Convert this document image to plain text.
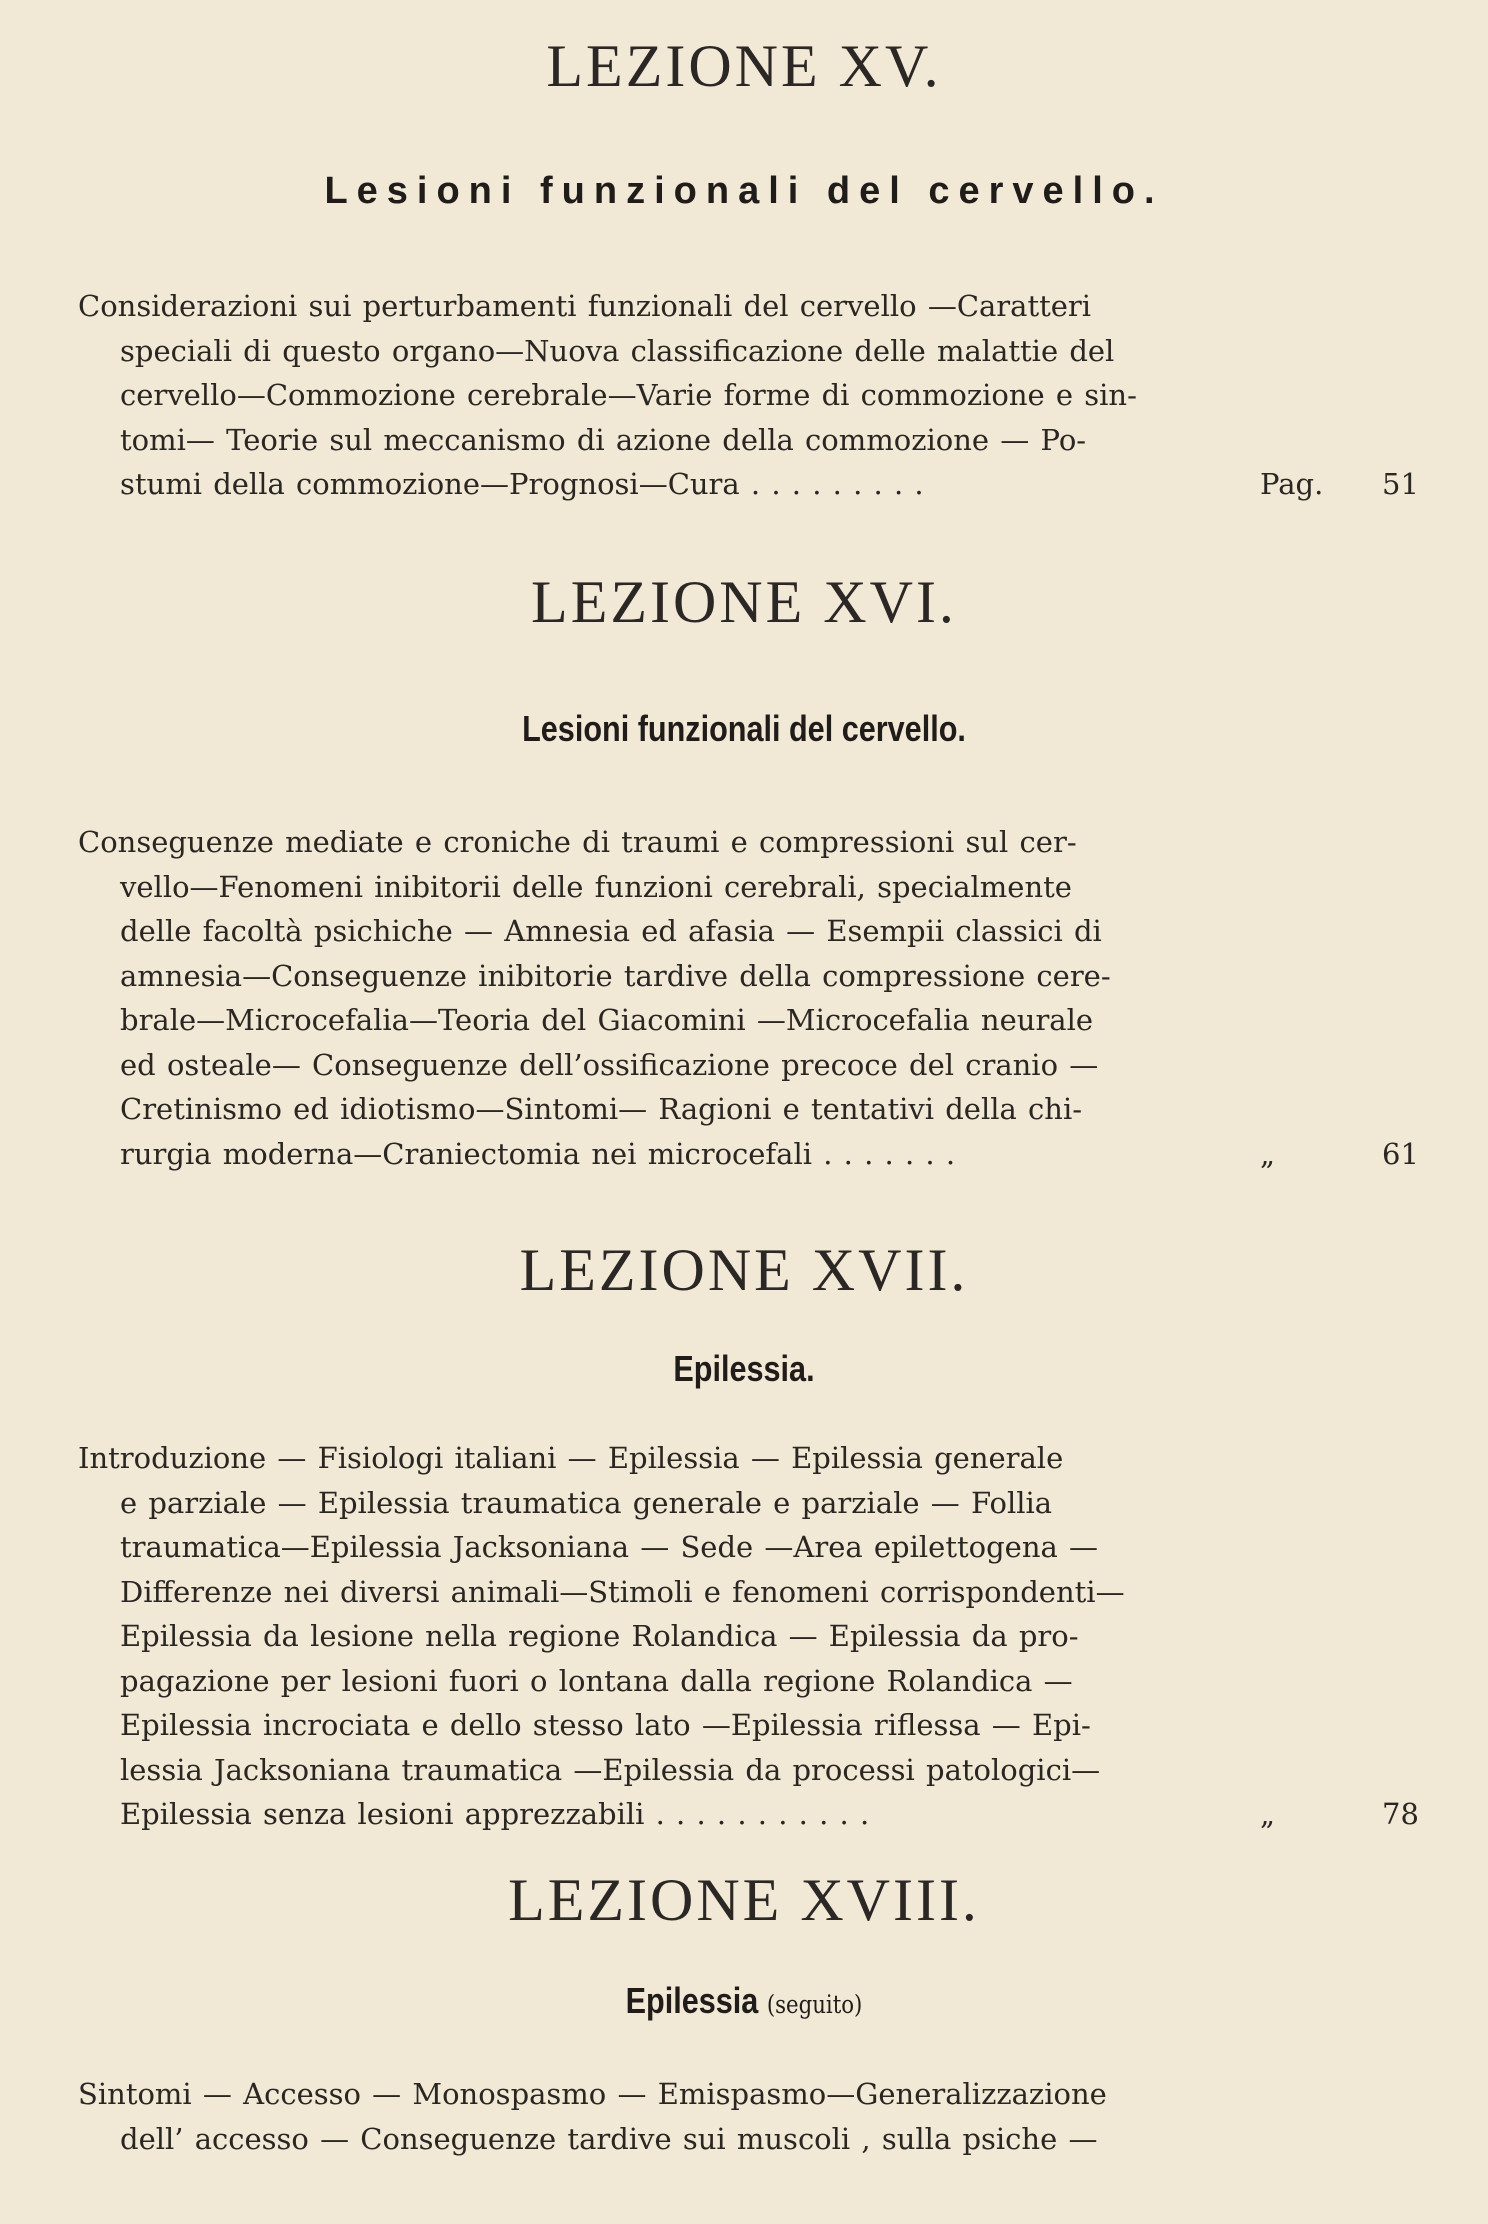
LEZIONE XV.
Lesioni funzionali del cervello.
Considerazioni sui perturbamenti funzionali del cervello —Caratteri
speciali di questo organo—Nuova classificazione delle malattie del
cervello—Commozione cerebrale—Varie forme di commozione e sin-
tomi— Teorie sul meccanismo di azione della commozione — Po-
stumi della commozione—Prognosi—Cura . . . . . . . . .	Pag. 51
LEZIONE XVI.
Lesioni funzionali del cervello.
Conseguenze mediate e croniche di traumi e compressioni sul cer-
vello—Fenomeni inibitorii delle funzioni cerebrali, specialmente
delle facoltà psichiche — Amnesia ed afasia — Esempii classici di
amnesia—Conseguenze inibitorie tardive della compressione cere-
brale—Microcefalia—Teoria del Giacomini —Microcefalia neurale
ed osteale— Conseguenze dell’ossificazione precoce del cranio —
Cretinismo ed idiotismo—Sintomi— Ragioni e tentativi della chi-
rurgia moderna—Craniectomia nei microcefali . . . . . . .	„	61
LEZIONE XVII.
Epilessia.
Introduzione — Fisiologi italiani — Epilessia — Epilessia generale
e parziale — Epilessia traumatica generale e parziale — Follia
traumatica—Epilessia Jacksoniana — Sede —Area epilettogena —
Differenze nei diversi animali—Stimoli e fenomeni corrispondenti—
Epilessia da lesione nella regione Rolandica — Epilessia da pro-
pagazione per lesioni fuori o lontana dalla regione Rolandica —
Epilessia incrociata e dello stesso lato —Epilessia riflessa — Epi-
lessia Jacksoniana traumatica —Epilessia da processi patologici—
Epilessia senza lesioni apprezzabili . . . . . . . . . . .	„	78
LEZIONE XVIII.
Epilessia (seguito)
Sintomi — Accesso — Monospasmo — Emispasmo—Generalizzazione
dell’ accesso — Conseguenze tardive sui muscoli , sulla psiche —
